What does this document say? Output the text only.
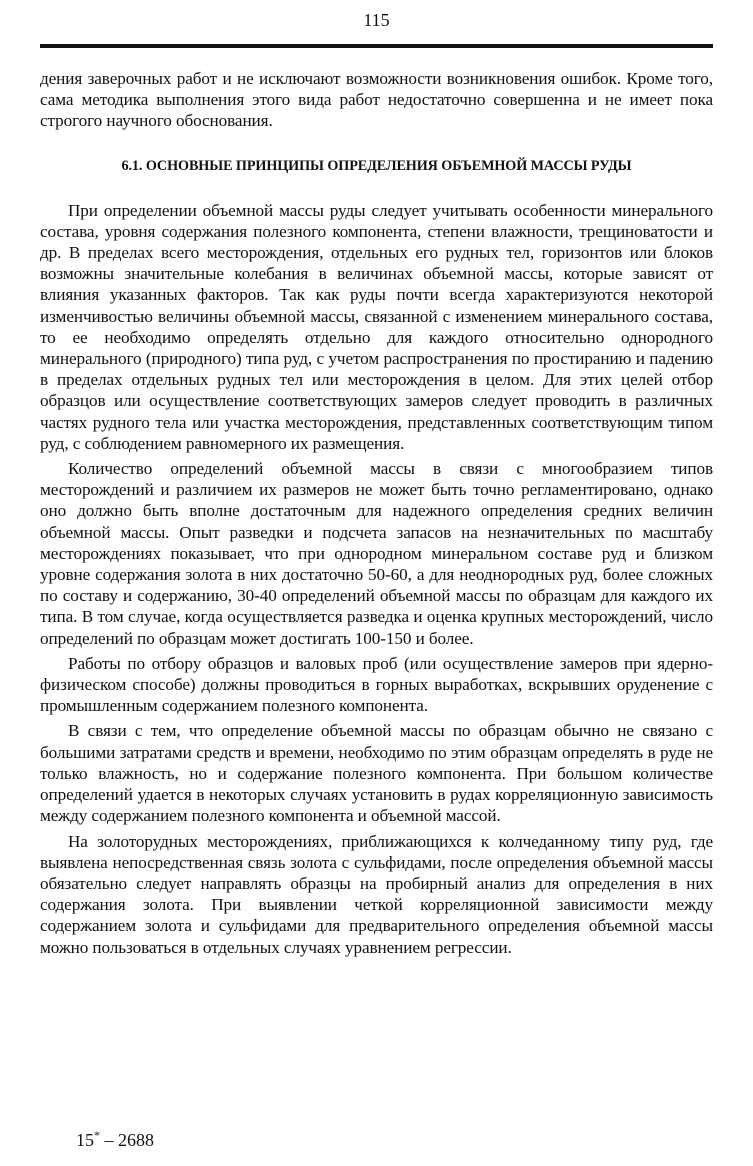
115

дения заверочных работ и не исключают возможности возникновения ошибок. Кроме того, сама методика выполнения этого вида работ недостаточно совершенна и не имеет пока строгого научного обоснования.

6.1. ОСНОВНЫЕ ПРИНЦИПЫ ОПРЕДЕЛЕНИЯ ОБЪЕМНОЙ МАССЫ РУДЫ

При определении объемной массы руды следует учитывать особенности минерального состава, уровня содержания полезного компонента, степени влажности, трещиноватости и др. В пределах всего месторождения, отдельных его рудных тел, горизонтов или блоков возможны значительные колебания в величинах объемной массы, которые зависят от влияния указанных факторов. Так как руды почти всегда характеризуются некоторой изменчивостью величины объемной массы, связанной с изменением минерального состава, то ее необходимо определять отдельно для каждого относительно однородного минерального (природного) типа руд, с учетом распространения по простиранию и падению в пределах отдельных рудных тел или месторождения в целом. Для этих целей отбор образцов или осуществление соответствующих замеров следует проводить в различных частях рудного тела или участка месторождения, представленных соответствующим типом руд, с соблюдением равномерного их размещения.

Количество определений объемной массы в связи с многообразием типов месторождений и различием их размеров не может быть точно регламентировано, однако оно должно быть вполне достаточным для надежного определения средних величин объемной массы. Опыт разведки и подсчета запасов на незначительных по масштабу месторождениях показывает, что при однородном минеральном составе руд и близком уровне содержания золота в них достаточно 50-60, а для неоднородных руд, более сложных по составу и содержанию, 30-40 определений объемной массы по образцам для каждого их типа. В том случае, когда осуществляется разведка и оценка крупных месторождений, число определений по образцам может достигать 100-150 и более.

Работы по отбору образцов и валовых проб (или осуществление замеров при ядерно-физическом способе) должны проводиться в горных выработках, вскрывших оруденение с промышленным содержанием полезного компонента.

В связи с тем, что определение объемной массы по образцам обычно не связано с большими затратами средств и времени, необходимо по этим образцам определять в руде не только влажность, но и содержание полезного компонента. При большом количестве определений удается в некоторых случаях установить в рудах корреляционную зависимость между содержанием полезного компонента и объемной массой.

На золоторудных месторождениях, приближающихся к колчеданному типу руд, где выявлена непосредственная связь золота с сульфидами, после определения объемной массы обязательно следует направлять образцы на пробирный анализ для определения в них содержания золота. При выявлении четкой корреляционной зависимости между содержанием золота и сульфидами для предварительного определения объемной массы можно пользоваться в отдельных случаях уравнением регрессии.

15* – 2688
